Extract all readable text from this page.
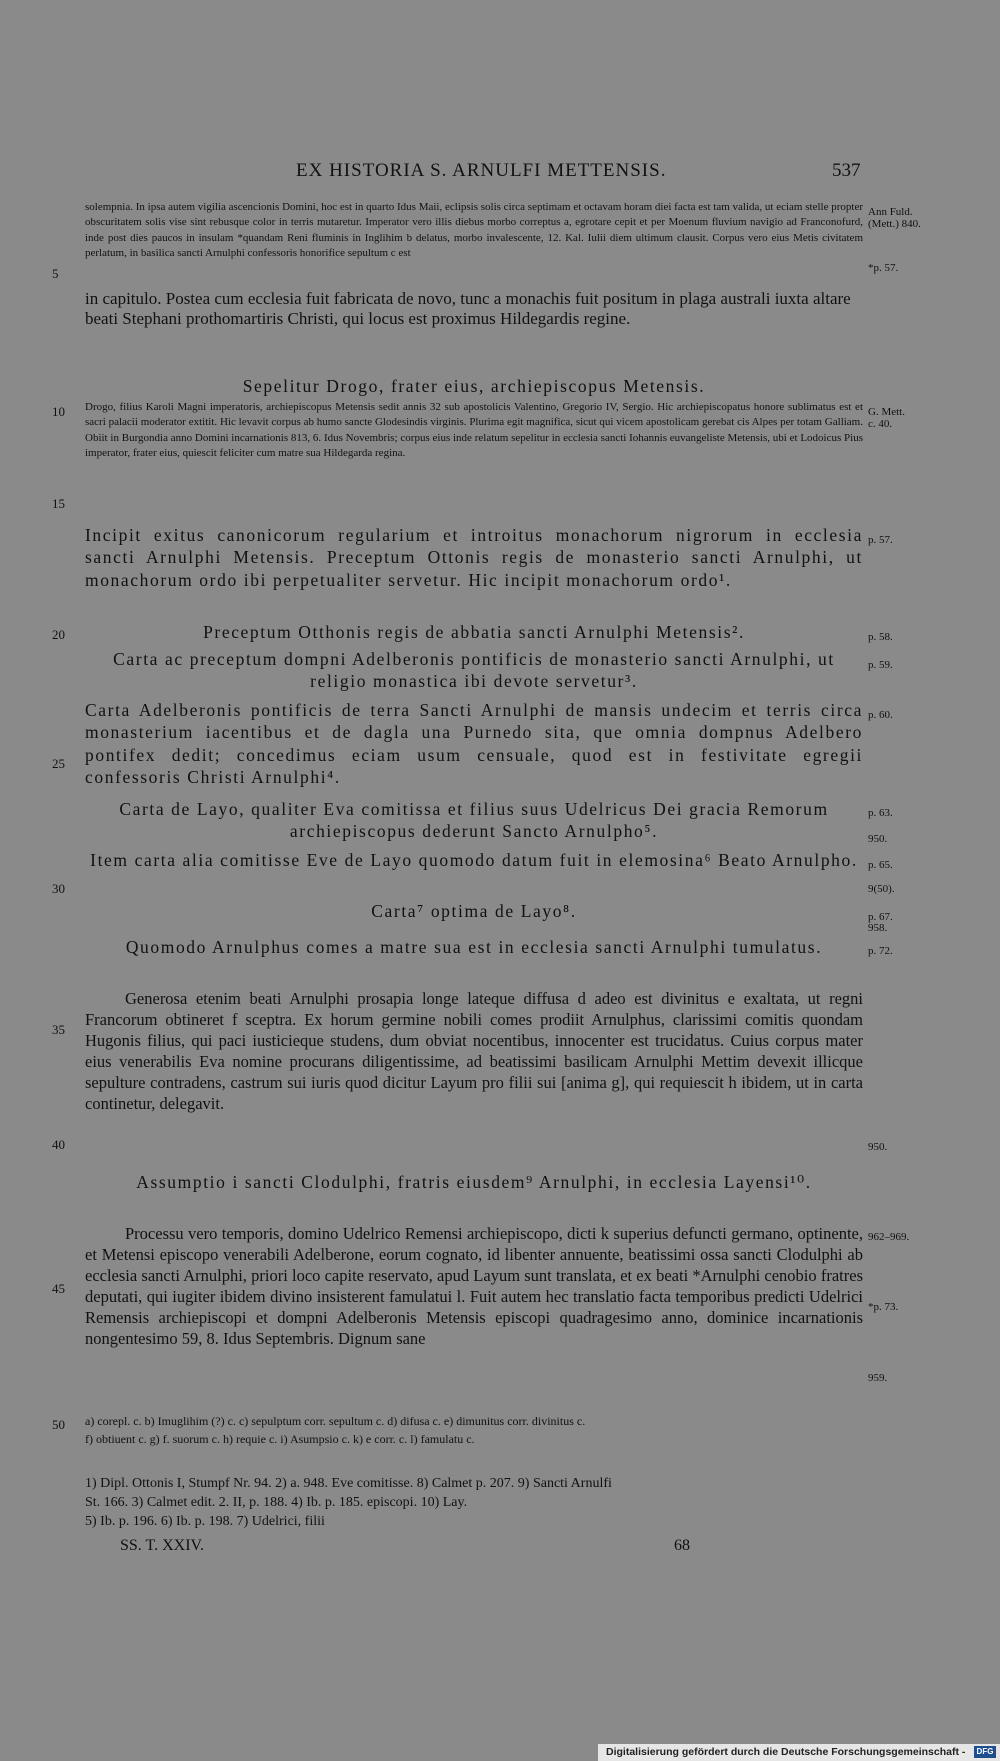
EX HISTORIA S. ARNULFI METTENSIS.	537
5
10
15
20
25
30
35
40
45
50
Ann Fuld.
(Mett.) 840.
*p. 57.
G. Mett. c. 40.
p. 57.
p. 58.
p. 59.
p. 60.
p. 63.
950.
p. 65.
9(50).
p. 67.
958.
p. 72.
950.
962–969.
*p. 73.
959.
solempnia. In ipsa autem vigilia ascencionis Domini, hoc est in quarto Idus Maii, eclipsis solis circa septimam et octavam horam diei facta est tam valida, ut eciam stelle propter obscuritatem solis vise sint rebusque color in terris mutaretur. Imperator vero illis diebus morbo correptus a, egrotare cepit et per Moenum fluvium navigio ad Franconofurd, inde post dies paucos in insulam *quandam Reni fluminis in Inglihim b delatus, morbo invalescente, 12. Kal. Iulii diem ultimum clausit. Corpus vero eius Metis civitatem perlatum, in basilica sancti Arnulphi confessoris honorifice sepultum c est
in capitulo. Postea cum ecclesia fuit fabricata de novo, tunc a monachis fuit positum in plaga australi iuxta altare beati Stephani prothomartiris Christi, qui locus est proximus Hildegardis regine.
Sepelitur Drogo, frater eius, archiepiscopus Metensis.
Drogo, filius Karoli Magni imperatoris, archiepiscopus Metensis sedit annis 32 sub apostolicis Valentino, Gregorio IV, Sergio. Hic archiepiscopatus honore sublimatus est et sacri palacii moderator extitit. Hic levavit corpus ab humo sancte Glodesindis virginis. Plurima egit magnifica, sicut qui vicem apostolicam gerebat cis Alpes per totam Galliam. Obiit in Burgondia anno Domini incarnationis 813, 6. Idus Novembris; corpus eius inde relatum sepelitur in ecclesia sancti Iohannis euvangeliste Metensis, ubi et Lodoicus Pius imperator, frater eius, quiescit feliciter cum matre sua Hildegarda regina.
Incipit exitus canonicorum regularium et introitus monachorum nigrorum in ecclesia sancti Arnulphi Metensis. Preceptum Ottonis regis de monasterio sancti Arnulphi, ut monachorum ordo ibi perpetualiter servetur. Hic incipit monachorum ordo¹.
Preceptum Otthonis regis de abbatia sancti Arnulphi Metensis².
Carta ac preceptum dompni Adelberonis pontificis de monasterio sancti Arnulphi, ut religio monastica ibi devote servetur³.
Carta Adelberonis pontificis de terra Sancti Arnulphi de mansis undecim et terris circa monasterium iacentibus et de dagla una Purnedo sita, que omnia dompnus Adelbero pontifex dedit; concedimus eciam usum censuale, quod est in festivitate egregii confessoris Christi Arnulphi⁴.
Carta de Layo, qualiter Eva comitissa et filius suus Udelricus Dei gracia Remorum archiepiscopus dederunt Sancto Arnulpho⁵.
Item carta alia comitisse Eve de Layo quomodo datum fuit in elemosina⁶ Beato Arnulpho.
Carta⁷ optima de Layo⁸.
Quomodo Arnulphus comes a matre sua est in ecclesia sancti Arnulphi tumulatus.
Generosa etenim beati Arnulphi prosapia longe lateque diffusa d adeo est divinitus e exaltata, ut regni Francorum obtineret f sceptra. Ex horum germine nobili comes prodiit Arnulphus, clarissimi comitis quondam Hugonis filius, qui paci iusticieque studens, dum obviat nocentibus, innocenter est trucidatus. Cuius corpus mater eius venerabilis Eva nomine procurans diligentissime, ad beatissimi basilicam Arnulphi Mettim devexit illicque sepulture contradens, castrum sui iuris quod dicitur Layum pro filii sui [anima g], qui requiescit h ibidem, ut in carta continetur, delegavit.
Assumptio i sancti Clodulphi, fratris eiusdem⁹ Arnulphi, in ecclesia Layensi¹⁰.
Processu vero temporis, domino Udelrico Remensi archiepiscopo, dicti k superius defuncti germano, optinente, et Metensi episcopo venerabili Adelberone, eorum cognato, id libenter annuente, beatissimi ossa sancti Clodulphi ab ecclesia sancti Arnulphi, priori loco capite reservato, apud Layum sunt translata, et ex beati *Arnulphi cenobio fratres deputati, qui iugiter ibidem divino insisterent famulatui l. Fuit autem hec translatio facta temporibus predicti Udelrici Remensis archiepiscopi et dompni Adelberonis Metensis episcopi quadragesimo anno, dominice incarnationis nongentesimo 59, 8. Idus Septembris. Dignum sane
a) corepl. c. b) Imuglihim (?) c. c) sepulptum corr. sepultum c. d) difusa c. e) dimunitus corr. divinitus c.
f) obtiuent c. g) f. suorum c. h) requie c. i) Asumpsio c. k) e corr. c. l) famulatu c.
1) Dipl. Ottonis I, Stumpf Nr. 94. 2) a. 948. Eve comitisse. 8) Calmet p. 207. 9) Sancti Arnulfi
St. 166. 3) Calmet edit. 2. II, p. 188. 4) Ib. p. 185. episcopi. 10) Lay.
5) Ib. p. 196. 6) Ib. p. 198. 7) Udelrici, filii
SS. T. XXIV.	68
Digitalisierung gefördert durch die Deutsche Forschungsgemeinschaft -	DFG
